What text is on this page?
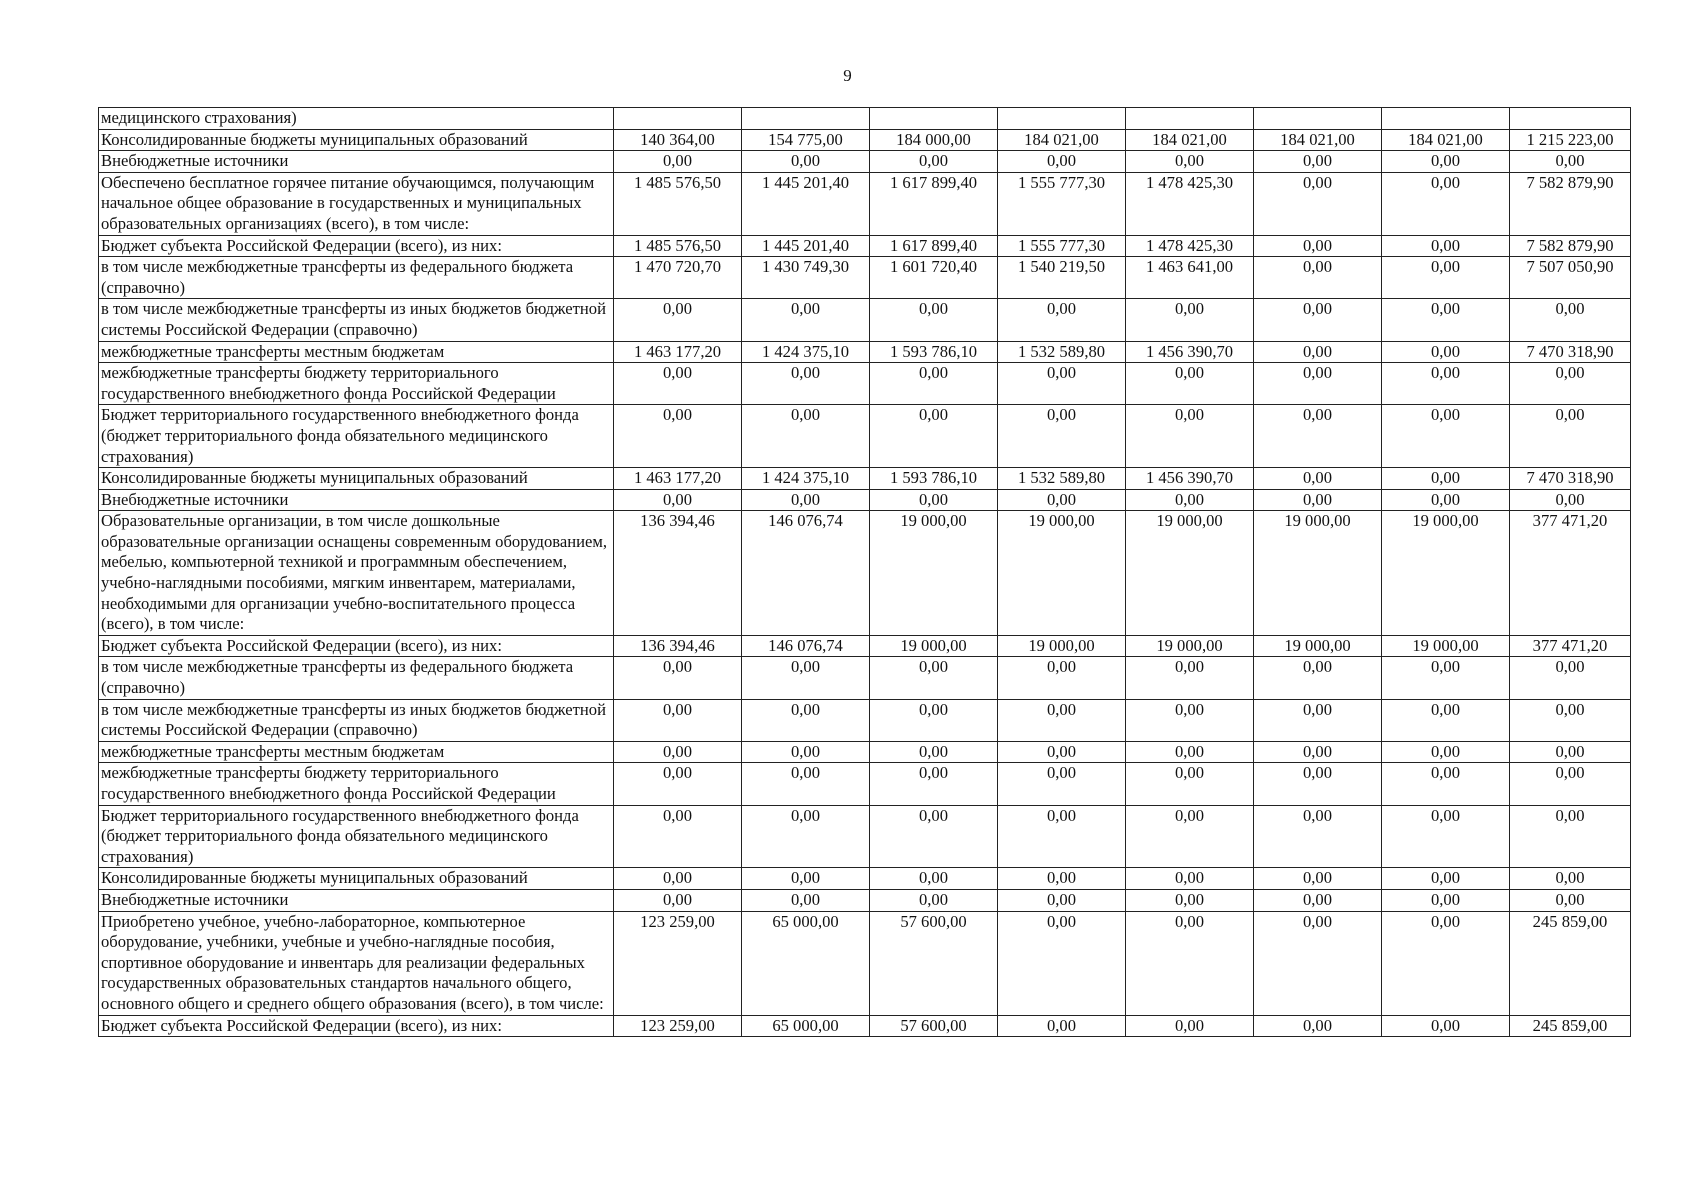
9
медицинского страхования)								
Консолидированные бюджеты муниципальных образований	140 364,00	154 775,00	184 000,00	184 021,00	184 021,00	184 021,00	184 021,00	1 215 223,00
Внебюджетные источники	0,00	0,00	0,00	0,00	0,00	0,00	0,00	0,00
Обеспечено бесплатное горячее питание обучающимся, получающим начальное общее образование в государственных и муниципальных образовательных организациях (всего), в том числе:	1 485 576,50	1 445 201,40	1 617 899,40	1 555 777,30	1 478 425,30	0,00	0,00	7 582 879,90
Бюджет субъекта Российской Федерации (всего), из них:	1 485 576,50	1 445 201,40	1 617 899,40	1 555 777,30	1 478 425,30	0,00	0,00	7 582 879,90
в том числе межбюджетные трансферты из федерального бюджета (справочно)	1 470 720,70	1 430 749,30	1 601 720,40	1 540 219,50	1 463 641,00	0,00	0,00	7 507 050,90
в том числе межбюджетные трансферты из иных бюджетов бюджетной системы Российской Федерации (справочно)	0,00	0,00	0,00	0,00	0,00	0,00	0,00	0,00
межбюджетные трансферты местным бюджетам	1 463 177,20	1 424 375,10	1 593 786,10	1 532 589,80	1 456 390,70	0,00	0,00	7 470 318,90
межбюджетные трансферты бюджету территориального государственного внебюджетного фонда Российской Федерации	0,00	0,00	0,00	0,00	0,00	0,00	0,00	0,00
Бюджет территориального государственного внебюджетного фонда (бюджет территориального фонда обязательного медицинского страхования)	0,00	0,00	0,00	0,00	0,00	0,00	0,00	0,00
Консолидированные бюджеты муниципальных образований	1 463 177,20	1 424 375,10	1 593 786,10	1 532 589,80	1 456 390,70	0,00	0,00	7 470 318,90
Внебюджетные источники	0,00	0,00	0,00	0,00	0,00	0,00	0,00	0,00
Образовательные организации, в том числе дошкольные образовательные организации оснащены современным оборудованием, мебелью, компьютерной техникой и программным обеспечением, учебно-наглядными пособиями, мягким инвентарем, материалами, необходимыми для организации учебно-воспитательного процесса (всего), в том числе:	136 394,46	146 076,74	19 000,00	19 000,00	19 000,00	19 000,00	19 000,00	377 471,20
Бюджет субъекта Российской Федерации (всего), из них:	136 394,46	146 076,74	19 000,00	19 000,00	19 000,00	19 000,00	19 000,00	377 471,20
в том числе межбюджетные трансферты из федерального бюджета (справочно)	0,00	0,00	0,00	0,00	0,00	0,00	0,00	0,00
в том числе межбюджетные трансферты из иных бюджетов бюджетной системы Российской Федерации (справочно)	0,00	0,00	0,00	0,00	0,00	0,00	0,00	0,00
межбюджетные трансферты местным бюджетам	0,00	0,00	0,00	0,00	0,00	0,00	0,00	0,00
межбюджетные трансферты бюджету территориального государственного внебюджетного фонда Российской Федерации	0,00	0,00	0,00	0,00	0,00	0,00	0,00	0,00
Бюджет территориального государственного внебюджетного фонда (бюджет территориального фонда обязательного медицинского страхования)	0,00	0,00	0,00	0,00	0,00	0,00	0,00	0,00
Консолидированные бюджеты муниципальных образований	0,00	0,00	0,00	0,00	0,00	0,00	0,00	0,00
Внебюджетные источники	0,00	0,00	0,00	0,00	0,00	0,00	0,00	0,00
Приобретено учебное, учебно-лабораторное, компьютерное оборудование, учебники, учебные и учебно-наглядные пособия, спортивное оборудование и инвентарь для реализации федеральных государственных образовательных стандартов начального общего, основного общего и среднего общего образования (всего), в том числе:	123 259,00	65 000,00	57 600,00	0,00	0,00	0,00	0,00	245 859,00
Бюджет субъекта Российской Федерации (всего), из них:	123 259,00	65 000,00	57 600,00	0,00	0,00	0,00	0,00	245 859,00
